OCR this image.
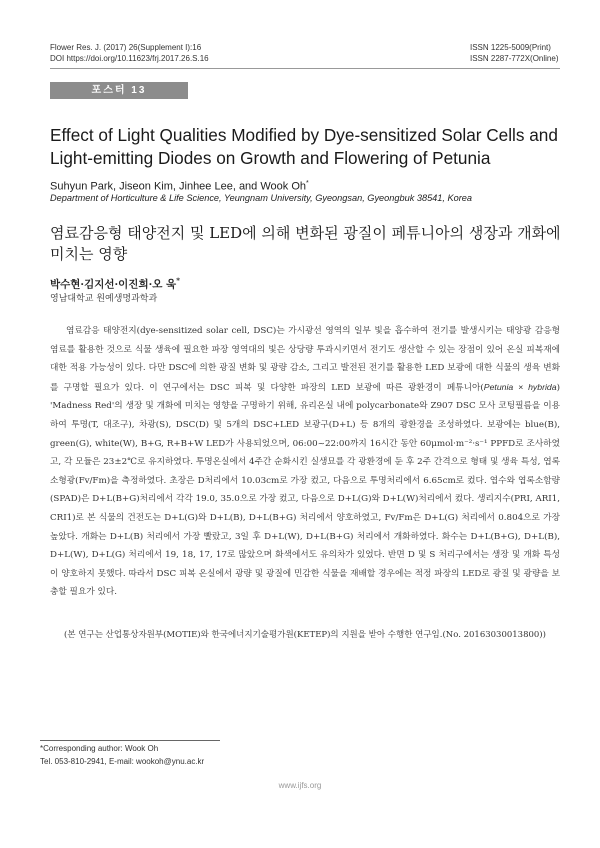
Flower Res. J. (2017) 26(Supplement I):16
DOI https://doi.org/10.11623/frj.2017.26.S.16
ISSN 1225-5009(Print)
ISSN 2287-772X(Online)
포스터 13
Effect of Light Qualities Modified by Dye-sensitized Solar Cells and Light-emitting Diodes on Growth and Flowering of Petunia
Suhyun Park, Jiseon Kim, Jinhee Lee, and Wook Oh*
Department of Horticulture & Life Science, Yeungnam University, Gyeongsan, Gyeongbuk 38541, Korea
염료감응형 태양전지 및 LED에 의해 변화된 광질이 페튜니아의 생장과 개화에 미치는 영향
박수현·김지선·이진희·오 욱*
영남대학교 원예생명과학과
염료감응 태양전지(dye-sensitized solar cell, DSC)는 가시광선 영역의 일부 빛을 흡수하여 전기를 발생시키는 태양광 감응형 염료를 활용한 것으로 식물 생육에 필요한 파장 영역대의 빛은 상당량 투과시키면서 전기도 생산할 수 있는 장점이 있어 온실 피복재에 대한 적용 가능성이 있다. 다만 DSC에 의한 광질 변화 및 광량 감소, 그리고 발전된 전기를 활용한 LED 보광에 대한 식물의 생육 변화를 구명할 필요가 있다. 이 연구에서는 DSC 피복 및 다양한 파장의 LED 보광에 따른 광환경이 페튜니아(Petunia × hybrida) 'Madness Red'의 생장 및 개화에 미치는 영향을 구명하기 위해, 유리온실 내에 polycarbonate와 Z907 DSC 모사 코팅필름을 이용하여 투명(T, 대조구), 차광(S), DSC(D) 및 5개의 DSC+LED 보광구(D+L) 등 8개의 광환경을 조성하였다. 보광에는 blue(B), green(G), white(W), B+G, R+B+W LED가 사용되었으며, 06:00~22:00까지 16시간 동안 60μmol·m⁻²·s⁻¹ PPFD로 조사하였고, 각 모듈은 23±2℃로 유지하였다. 투명온실에서 4주간 순화시킨 실생묘를 각 광환경에 둔 후 2주 간격으로 형태 및 생육 특성, 엽록소형광(Fv/Fm)을 측정하였다. 초장은 D처리에서 10.03cm로 가장 컸고, 다음으로 투명처리에서 6.65cm로 컸다. 엽수와 엽록소함량(SPAD)은 D+L(B+G)처리에서 각각 19.0, 35.0으로 가장 컸고, 다음으로 D+L(G)와 D+L(W)처리에서 컸다. 생리지수(PRI, ARI1, CRI1)로 본 식물의 건전도는 D+L(G)와 D+L(B), D+L(B+G) 처리에서 양호하였고, Fv/Fm은 D+L(G) 처리에서 0.804으로 가장 높았다. 개화는 D+L(B) 처리에서 가장 빨랐고, 3일 후 D+L(W), D+L(B+G) 처리에서 개화하였다. 화수는 D+L(B+G), D+L(B), D+L(W), D+L(G) 처리에서 19, 18, 17, 17로 많았으며 화색에서도 유의차가 있었다. 반면 D 및 S 처리구에서는 생장 및 개화 특성이 양호하지 못했다. 따라서 DSC 피복 온실에서 광량 및 광질에 민감한 식물을 재배할 경우에는 적정 파장의 LED로 광질 및 광량을 보충할 필요가 있다.
(본 연구는 산업통상자원부(MOTIE)와 한국에너지기술평가원(KETEP)의 지원을 받아 수행한 연구임.(No. 20163030013800))
*Corresponding author: Wook Oh
Tel. 053-810-2941, E-mail: wookoh@ynu.ac.kr
www.ijfs.org
